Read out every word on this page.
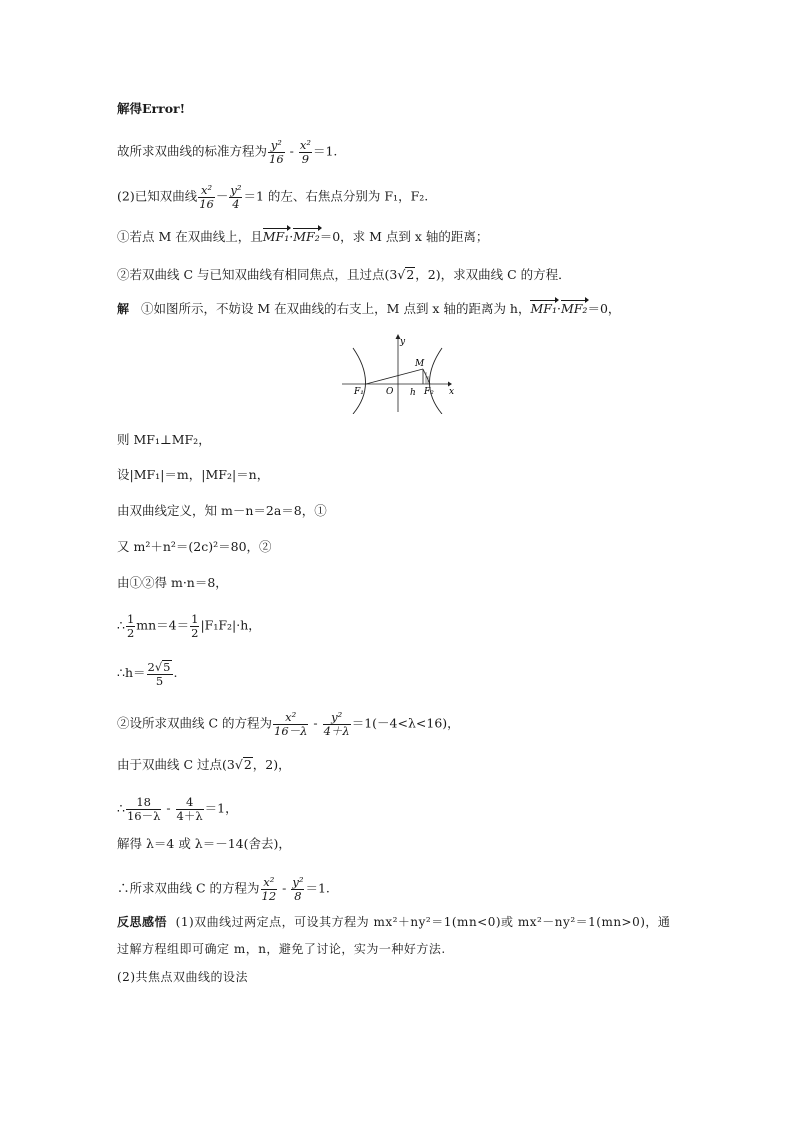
解得Error!
故所求双曲线的标准方程为 $\frac{\text{y²}}{16} - \frac{\text{x²}}{9} =1$.
(2)已知双曲线 $\frac{\text{x²}}{16} - \frac{\text{y²}}{4} =1$ 的左、右焦点分别为 F₁，F₂.
①若点 M 在双曲线上，且MF₁·MF₂＝0，求 M 点到 x 轴的距离；
②若双曲线 C 与已知双曲线有相同焦点，且过点(3√2，2)，求双曲线 C 的方程．
解 ①如图所示，不妨设 M 在双曲线的右支上，M 点到 x 轴的距离为 h，MF₁·MF₂＝0，
y
x
M
O
F₁	F₂
h
则 MF₁⊥MF₂，
设|MF₁|＝m，|MF₂|＝n，
由双曲线定义，知 m－n＝2a＝8，①
又 m²＋n²＝(2c)²＝80，②
由①②得 m·n＝8，
∴ $\frac{1}{2} mn=4= \frac{1}{2} |F_1F_2|\cdot h$，
∴h＝ $\frac{2√5}{5}$ .
②设所求双曲线 C 的方程为 $\frac{\text{x²}}{16-\lambda} - \frac{\text{y²}}{4+\lambda} =1(-4<\lambda<16)$，
由于双曲线 C 过点(3√2，2)，
∴ $\frac{18}{16-\lambda} - \frac{4}{4+\lambda} =1$，
解得 λ＝4 或 λ＝－14(舍去)，
∴所求双曲线 C 的方程为 $\frac{\text{x²}}{12} - \frac{\text{y²}}{8} =1$.
反思感悟 (1)双曲线过两定点，可设其方程为 mx²＋ny²＝1(mn<0)或 mx²－ny²＝1(mn>0)，通
过解方程组即可确定 m，n，避免了讨论，实为一种好方法.
(2)共焦点双曲线的设法
